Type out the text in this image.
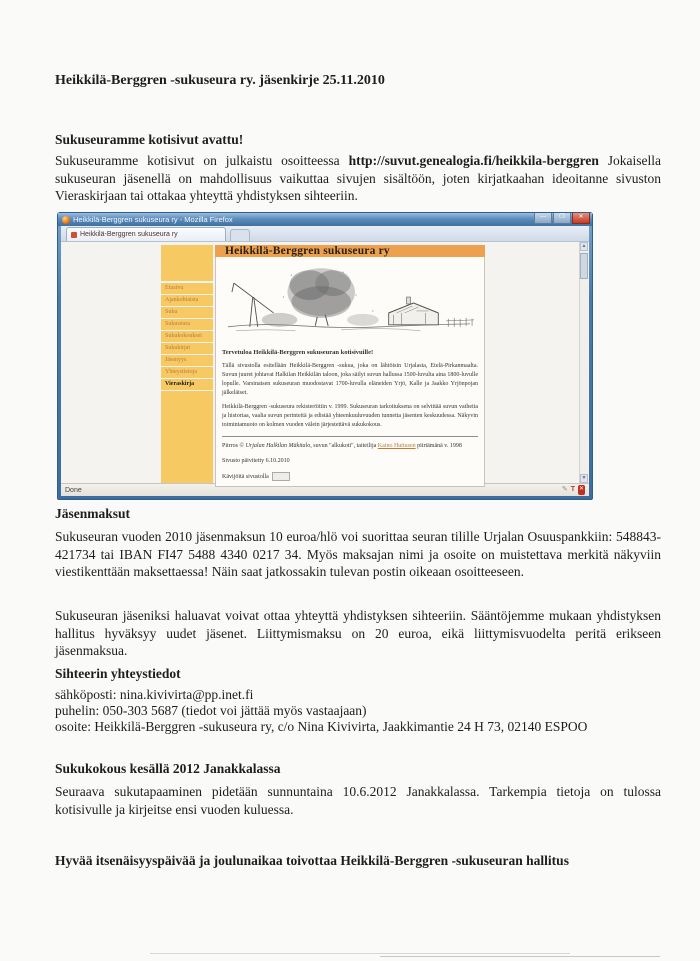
Heikkilä-Berggren -sukuseura ry. jäsenkirje 25.11.2010
Sukuseuramme kotisivut avattu!
Sukuseuramme kotisivut on julkaistu osoitteessa http://suvut.genealogia.fi/heikkila-berggren Jokaisella sukuseuran jäsenellä on mahdollisuus vaikuttaa sivujen sisältöön, joten kirjatkaahan ideoitanne sivuston Vieraskirjaan tai ottakaa yhteyttä yhdistyksen sihteeriin.
Heikkilä-Berggren sukuseura ry - Mozilla Firefox	—	❐	✕
Heikkilä-Berggren sukuseura ry
Etusivu
Ajankohtaista
Suku
Sukuseura
Sukukokoukset
Sukukirjat
Jäsenyys
Yhteystietoja
Vieraskirja
Heikkilä-Berggren sukuseura ry
Tervetuloa Heikkilä-Berggren sukuseuran kotisivuille!

Tällä sivustolla esitellään Heikkilä-Berggren -sukua, joka on lähtöisin Urjalasta, Etelä-Pirkanmaalta. Suvun juuret johtavat Halkilan Heikkilän taloon, joka säilyi suvun hallussa 1500-luvulta aina 1800-luvulle lopulle. Varsinaisen sukuseuran muodostavat 1700-luvulla eläneiden Yrjö, Kalle ja Jaakko Yrjönpojan jälkeläiset.

Heikkilä-Berggren -sukuseura rekisteröitiin v. 1999. Sukuseuran tarkoituksena on selvittää suvun vaiheita ja historiaa, vaalia suvun perinteitä ja edistää yhteenkuuluvuuden tunnetta jäsenten keskuudessa. Näkyvin toimintamuoto on kolmen vuoden välein järjestettävä sukukokous.

Piirros © Urjalan Halkilan Mäkitalo, suvun "alkukoti", taiteilija Kaino Huttusen piirtämänä v. 1998
Sivusto päivitetty 6.10.2010
Kävijöitä sivustolla
▲
▼
Done	✎ T ✕
Jäsenmaksut
Sukuseuran vuoden 2010 jäsenmaksun 10 euroa/hlö voi suorittaa seuran tilille Urjalan Osuuspankkiin: 548843-421734 tai IBAN FI47 5488 4340 0217 34. Myös maksajan nimi ja osoite on muistettava merkitä näkyviin viestikenttään maksettaessa! Näin saat jatkossakin tulevan postin oikeaan osoitteeseen.
Sukuseuran jäseniksi haluavat voivat ottaa yhteyttä yhdistyksen sihteeriin. Sääntöjemme mukaan yhdistyksen hallitus hyväksyy uudet jäsenet. Liittymismaksu on 20 euroa, eikä liittymisvuodelta peritä erikseen jäsenmaksua.
Sihteerin yhteystiedot
sähköposti: nina.kivivirta@pp.inet.fi
puhelin: 050-303 5687 (tiedot voi jättää myös vastaajaan)
osoite: Heikkilä-Berggren -sukuseura ry, c/o Nina Kivivirta, Jaakkimantie 24 H 73, 02140 ESPOO
Sukukokous kesällä 2012 Janakkalassa
Seuraava sukutapaaminen pidetään sunnuntaina 10.6.2012 Janakkalassa. Tarkempia tietoja on tulossa kotisivulle ja kirjeitse ensi vuoden kuluessa.
Hyvää itsenäisyyspäivää ja joulunaikaa toivottaa Heikkilä-Berggren -sukuseuran hallitus
